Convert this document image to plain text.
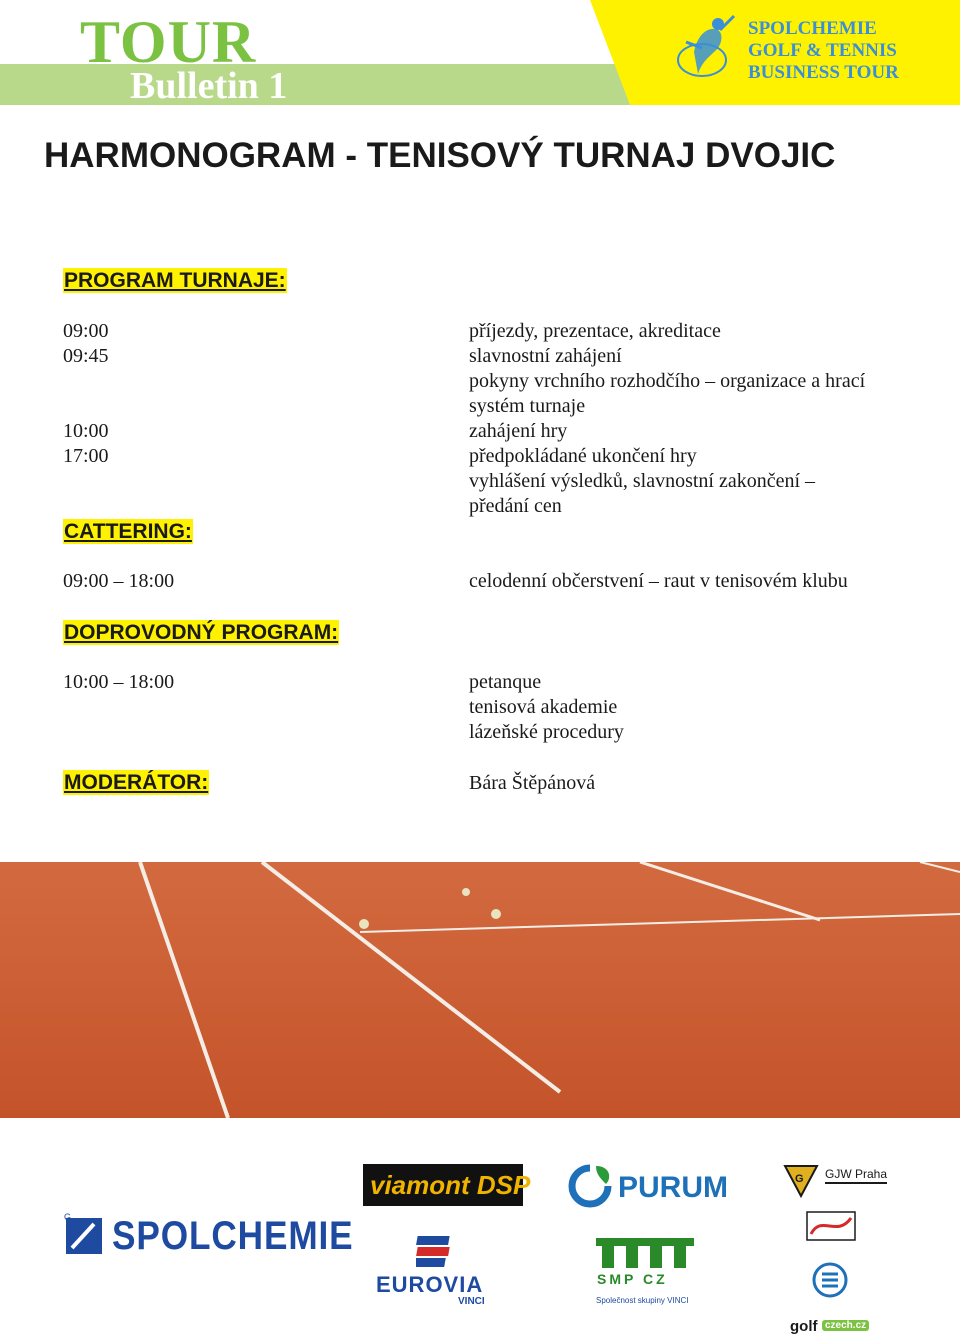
TOUR
Bulletin 1
SPOLCHEMIE
GOLF & TENNIS
BUSINESS TOUR
HARMONOGRAM - TENISOVÝ TURNAJ DVOJIC
PROGRAM TURNAJE:
09:00	příjezdy, prezentace, akreditace
09:45	slavnostní zahájení
pokyny vrchního rozhodčího – organizace a hrací
systém turnaje
10:00	zahájení hry
17:00	předpokládané ukončení hry
vyhlášení výsledků, slavnostní zakončení –
předání cen
CATTERING:
09:00 – 18:00	celodenní občerstvení – raut v tenisovém klubu
DOPROVODNÝ PROGRAM:
10:00 – 18:00	petanque
tenisová akademie
lázeňské procedury
MODERÁTOR:	Bára Štěpánová
G SPOLCHEMIE
viamont DSP	PURUM
EUROVIA
VINCI
SMP CZ
Společnost skupiny VINCI
G GJW Praha
golf czech.cz
